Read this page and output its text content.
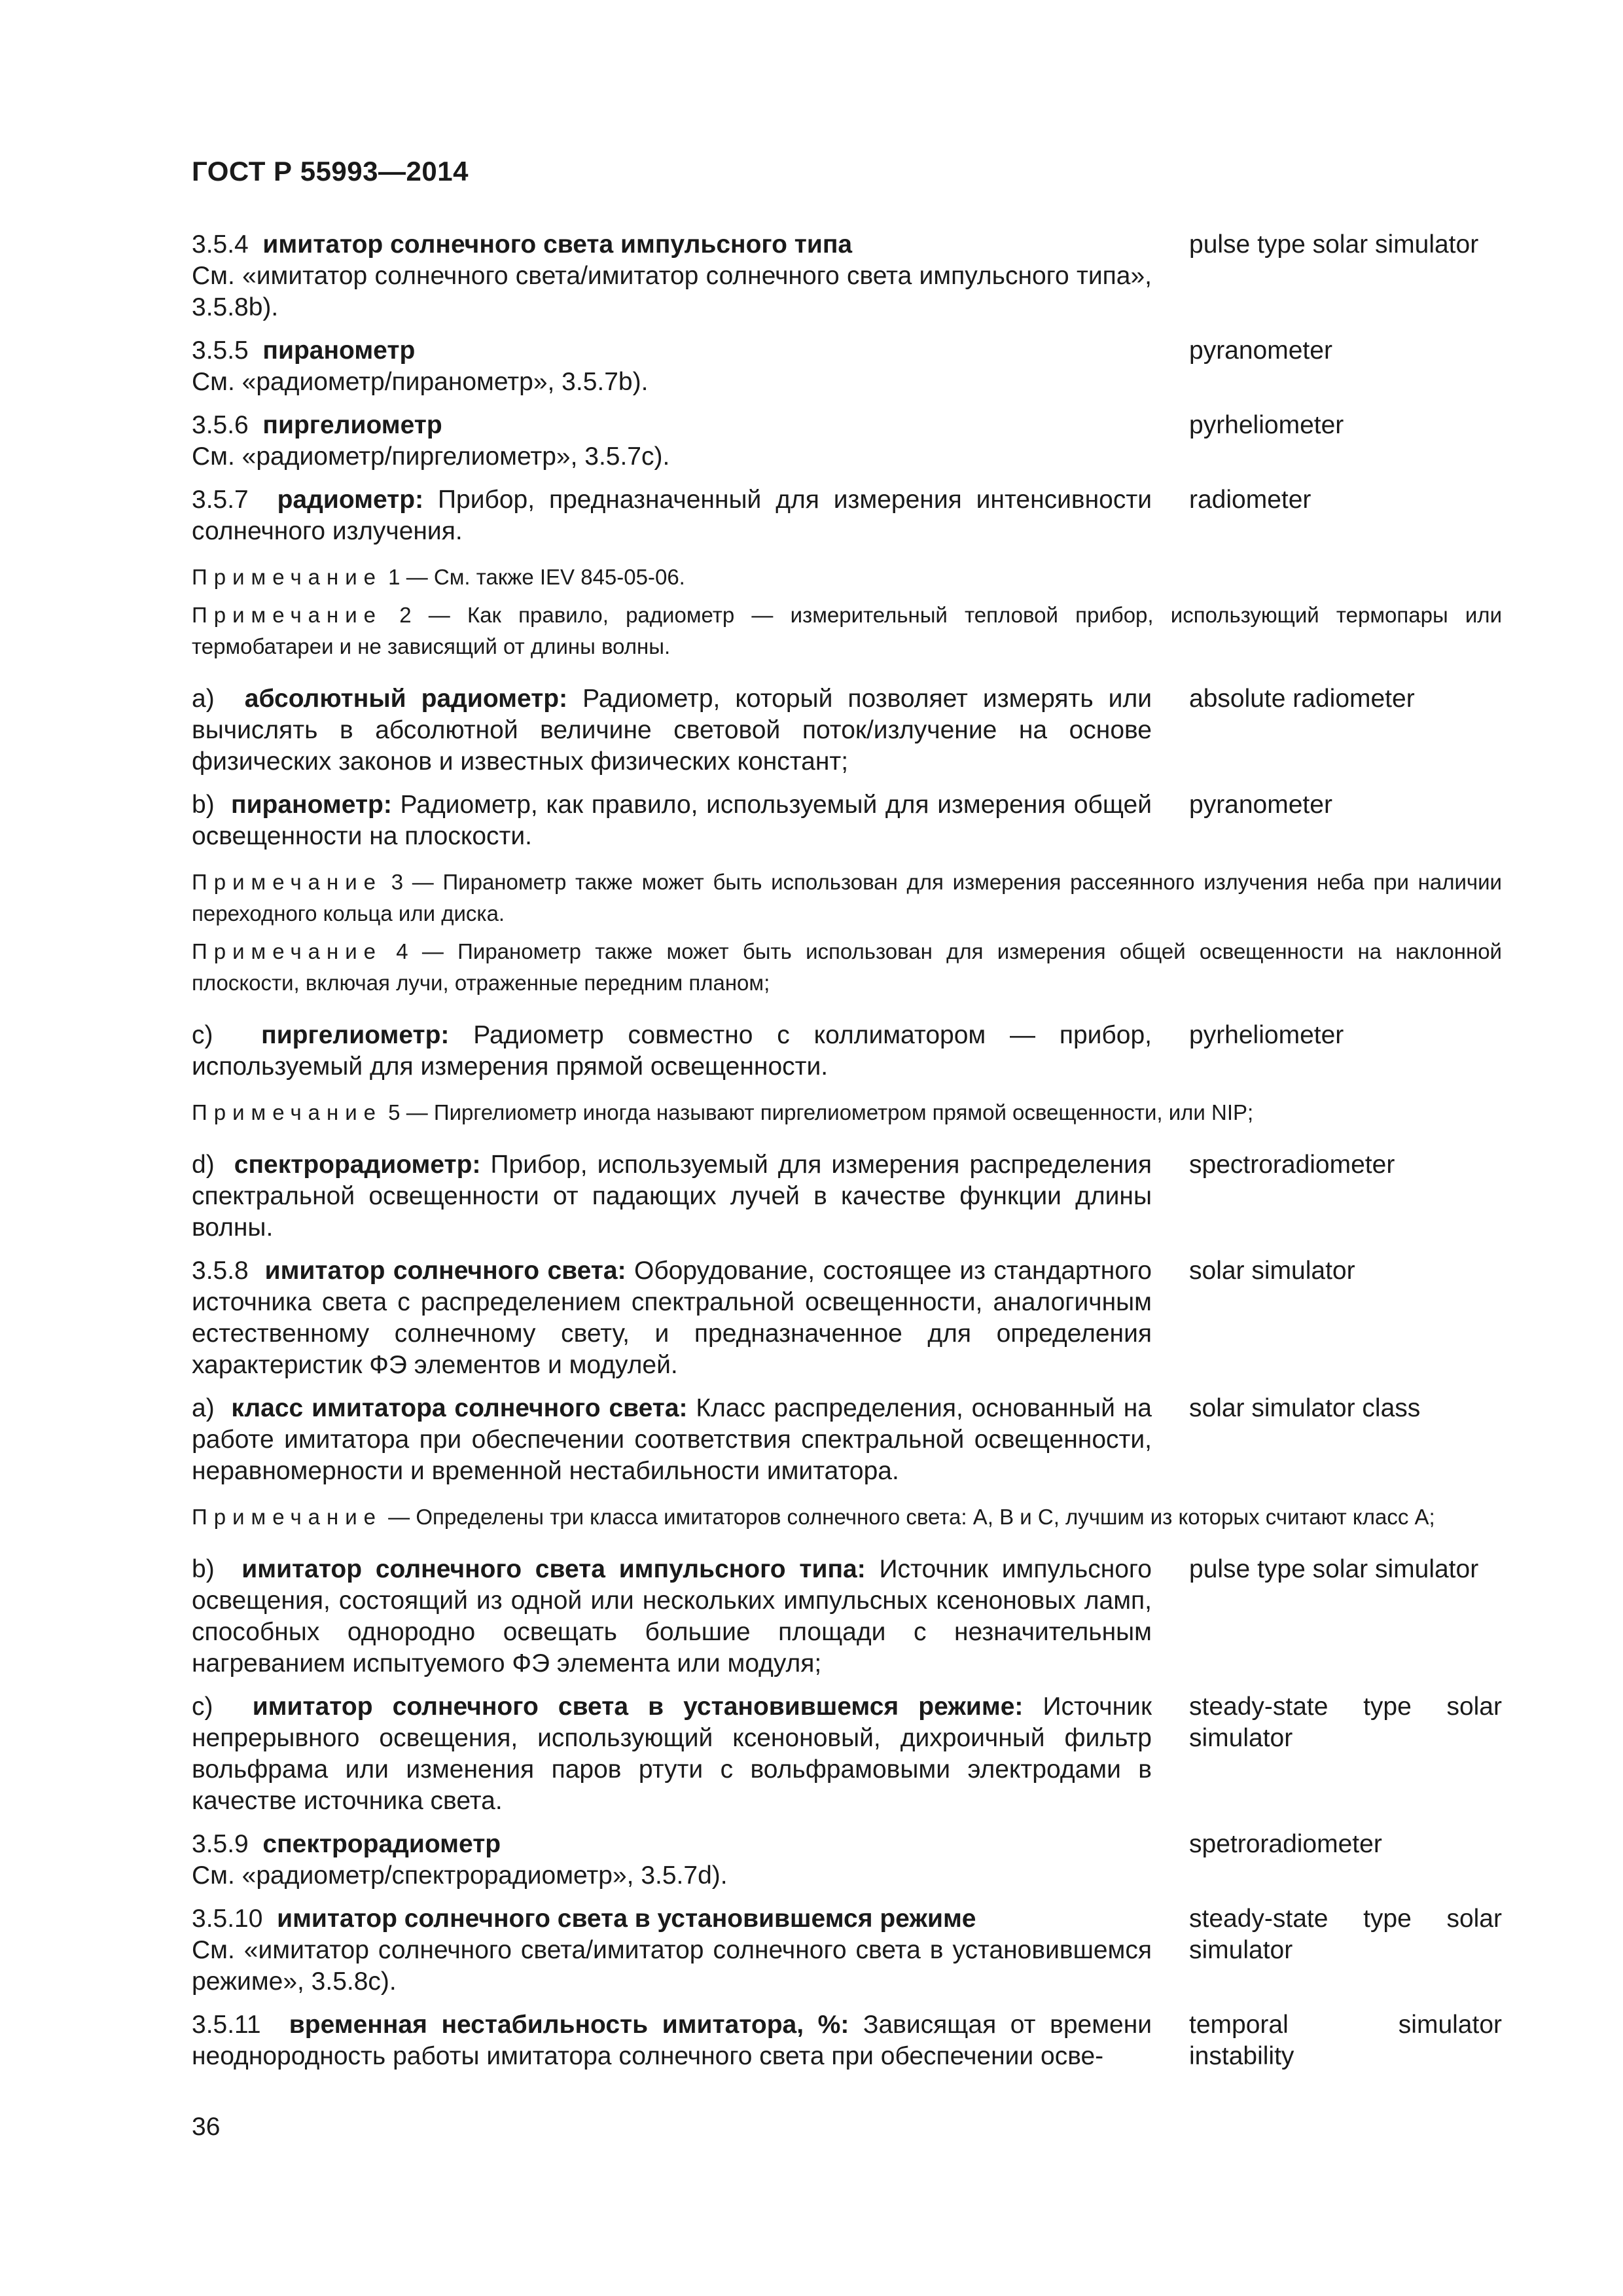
ГОСТ Р 55993—2014
3.5.4 имитатор солнечного света импульсного типа
См. «имитатор солнечного света/имитатор солнечного света импульсного типа», 3.5.8b).
pulse type solar simulator
3.5.5 пиранометр
См. «радиометр/пиранометр», 3.5.7b).
pyranometer
3.5.6 пиргелиометр
См. «радиометр/пиргелиометр», 3.5.7c).
pyrheliometer
3.5.7 радиометр: Прибор, предназначенный для измерения интенсивности солнечного излучения.
radiometer
Примечание 1 — См. также IEV 845-05-06.
Примечание 2 — Как правило, радиометр — измерительный тепловой прибор, использующий термопары или термобатареи и не зависящий от длины волны.
a) абсолютный радиометр: Радиометр, который позволяет измерять или вычислять в абсолютной величине световой поток/излучение на основе физических законов и известных физических констант;
absolute radiometer
b) пиранометр: Радиометр, как правило, используемый для измерения общей освещенности на плоскости.
pyranometer
Примечание 3 — Пиранометр также может быть использован для измерения рассеянного излучения неба при наличии переходного кольца или диска.
Примечание 4 — Пиранометр также может быть использован для измерения общей освещенности на наклонной плоскости, включая лучи, отраженные передним планом;
c) пиргелиометр: Радиометр совместно с коллиматором — прибор, используемый для измерения прямой освещенности.
pyrheliometer
Примечание 5 — Пиргелиометр иногда называют пиргелиометром прямой освещенности, или NIP;
d) спектрорадиометр: Прибор, используемый для измерения распределения спектральной освещенности от падающих лучей в качестве функции длины волны.
spectroradiometer
3.5.8 имитатор солнечного света: Оборудование, состоящее из стандартного источника света с распределением спектральной освещенности, аналогичным естественному солнечному свету, и предназначенное для определения характеристик ФЭ элементов и модулей.
solar simulator
a) класс имитатора солнечного света: Класс распределения, основанный на работе имитатора при обеспечении соответствия спектральной освещенности, неравномерности и временной нестабильности имитатора.
solar simulator class
Примечание — Определены три класса имитаторов солнечного света: А, В и С, лучшим из которых считают класс А;
b) имитатор солнечного света импульсного типа: Источник импульсного освещения, состоящий из одной или нескольких импульсных ксеноновых ламп, способных однородно освещать большие площади с незначительным нагреванием испытуемого ФЭ элемента или модуля;
pulse type solar simulator
c) имитатор солнечного света в установившемся режиме: Источник непрерывного освещения, использующий ксеноновый, дихроичный фильтр вольфрама или изменения паров ртути с вольфрамовыми электродами в качестве источника света.
steady-state type solar simulator
3.5.9 спектрорадиометр
См. «радиометр/спектрорадиометр», 3.5.7d).
spetroradiometer
3.5.10 имитатор солнечного света в установившемся режиме
См. «имитатор солнечного света/имитатор солнечного света в установившемся режиме», 3.5.8c).
steady-state type solar simulator
3.5.11 временная нестабильность имитатора, %: Зависящая от времени неоднородность работы имитатора солнечного света при обеспечении осве-
temporal simulator instability
36
